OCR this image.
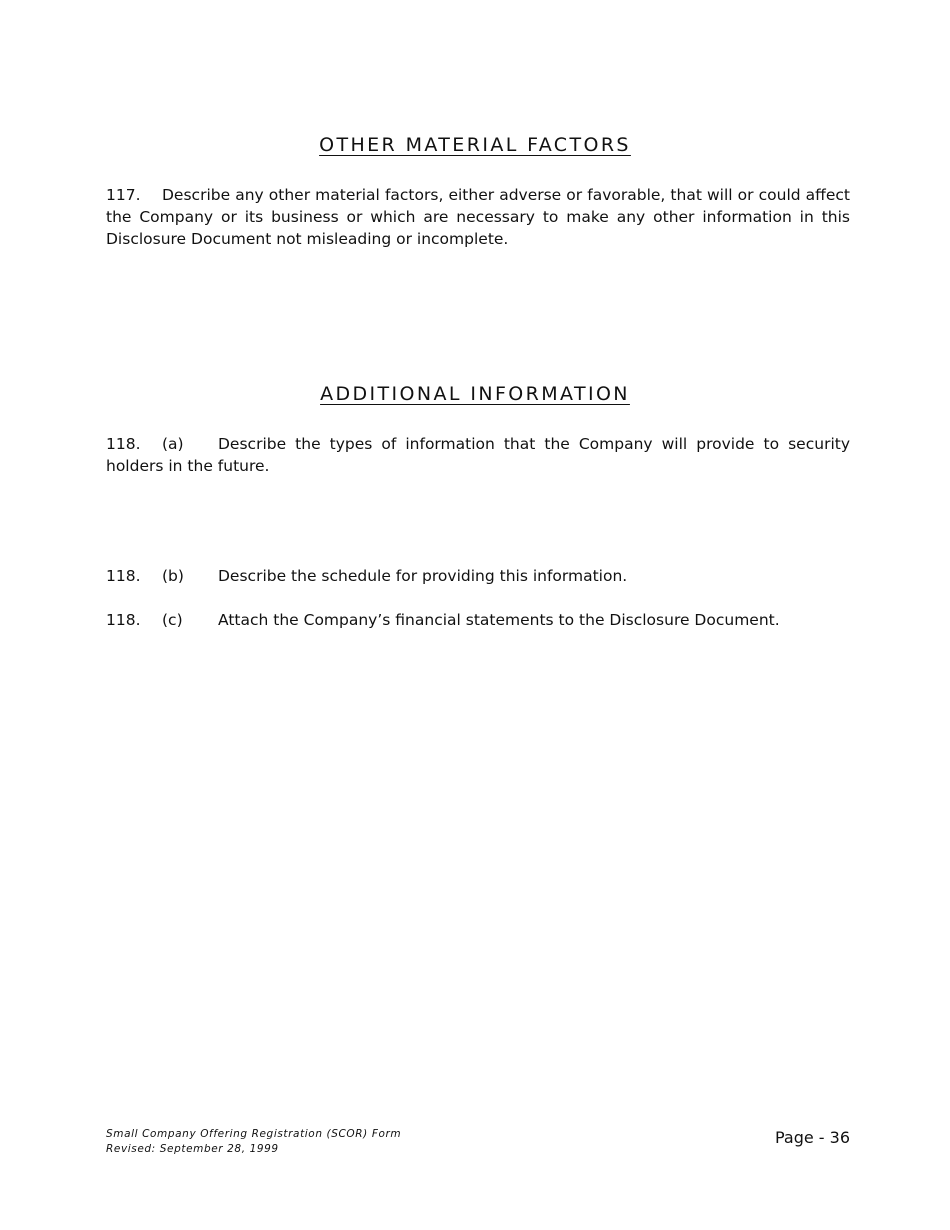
OTHER MATERIAL FACTORS
117. Describe any other material factors, either adverse or favorable, that will or could affect the Company or its business or which are necessary to make any other information in this Disclosure Document not misleading or incomplete.
ADDITIONAL INFORMATION
118. (a) Describe the types of information that the Company will provide to security holders in the future.
118. (b) Describe the schedule for providing this information.
118. (c) Attach the Company’s financial statements to the Disclosure Document.
Small Company Offering Registration (SCOR) Form
Revised: September 28, 1999
Page - 36
